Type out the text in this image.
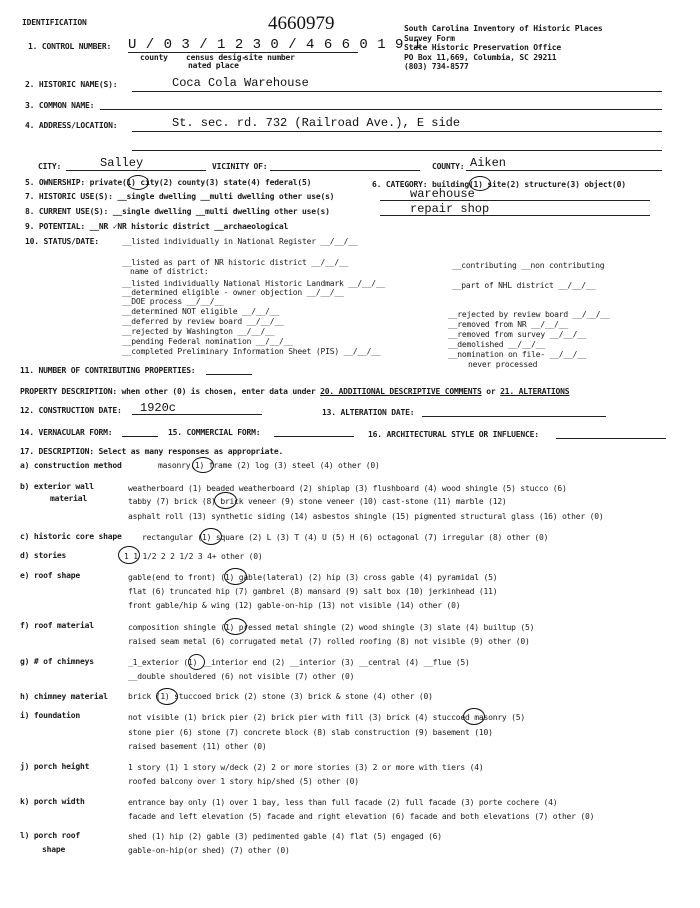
IDENTIFICATION	4660979	South Carolina Inventory of Historic Places
Survey Form
State Historic Preservation Office
PO Box 11,669, Columbia, SC 29211
(803) 734-8577
1. CONTROL NUMBER: U / 0 3 / 1 2 3 0 / 4 6 6 0 1 9 1
county census desig-
site number
nated place
2. HISTORIC NAME(S):	Coca Cola Warehouse
3. COMMON NAME:
4. ADDRESS/LOCATION:	St. sec. rd. 732 (Railroad Ave.), E side
CITY:	Salley	VICINITY OF:	COUNTY: Aiken
5. OWNERSHIP: private(1) city(2) county(3) state(4) federal(5)	6. CATEGORY: building(1) site(2) structure(3) object(0)
7. HISTORIC USE(S): __single dwelling __multi dwelling other use(s)	warehouse
8. CURRENT USE(S): __single dwelling __multi dwelling other use(s)	repair shop
9. POTENTIAL: __NR ✓NR historic district __archaeological
10. STATUS/DATE:	__listed individually in National Register __/__/__
__listed as part of NR historic district __/__/__
name of district:
__listed individually National Historic Landmark __/__/__
__determined eligible - owner objection __/__/__
__DOE process __/__/__
__determined NOT eligible __/__/__
__deferred by review board __/__/__
__rejected by Washington __/__/__
__pending Federal nomination __/__/__
__completed Preliminary Information Sheet (PIS) __/__/__
__contributing __non contributing
__part of NHL district __/__/__
__rejected by review board __/__/__
__removed from NR __/__/__
__removed from survey __/__/__
__demolished __/__/__
__nomination on file- __/__/__
never processed
11. NUMBER OF CONTRIBUTING PROPERTIES:
PROPERTY DESCRIPTION: when other (0) is chosen, enter data under 20. ADDITIONAL DESCRIPTIVE COMMENTS or 21. ALTERATIONS
12. CONSTRUCTION DATE: 1920c	13. ALTERATION DATE:
14. VERNACULAR FORM:	15. COMMERCIAL FORM:	16. ARCHITECTURAL STYLE OR INFLUENCE:
17. DESCRIPTION: Select as many responses as appropriate.
a) construction method	masonry(1) frame (2) log (3) steel (4) other (0)
b) exterior wall
material
weatherboard (1) beaded weatherboard (2) shiplap (3) flushboard (4) wood shingle (5) stucco (6)
tabby (7) brick (8) brick veneer (9) stone veneer (10) cast-stone (11) marble (12)
asphalt roll (13) synthetic siding (14) asbestos shingle (15) pigmented structural glass (16) other (0)
c) historic core shape	rectangular (1) square (2) L (3) T (4) U (5) H (6) octagonal (7) irregular (8) other (0)
d) stories	1 1 1/2 2 2 1/2 3 4+ other (0)
e) roof shape	gable(end to front) (1) gable(lateral) (2) hip (3) cross gable (4) pyramidal (5)
flat (6) truncated hip (7) gambrel (8) mansard (9) salt box (10) jerkinhead (11)
front gable/hip & wing (12) gable-on-hip (13) not visible (14) other (0)
f) roof material	composition shingle (1) pressed metal shingle (2) wood shingle (3) slate (4) builtup (5)
raised seam metal (6) corrugated metal (7) rolled roofing (8) not visible (9) other (0)
g) # of chimneys	_1_exterior (1) __interior end (2) __interior (3) __central (4) __flue (5)
__double shouldered (6) not visible (7) other (0)
h) chimney material	brick (1) stuccoed brick (2) stone (3) brick & stone (4) other (0)
i) foundation	not visible (1) brick pier (2) brick pier with fill (3) brick (4) stuccoed masonry (5)
stone pier (6) stone (7) concrete block (8) slab construction (9) basement (10)
raised basement (11) other (0)
j) porch height	1 story (1) 1 story w/deck (2) 2 or more stories (3) 2 or more with tiers (4)
roofed balcony over 1 story hip/shed (5) other (0)
k) porch width	entrance bay only (1) over 1 bay, less than full facade (2) full facade (3) porte cochere (4)
facade and left elevation (5) facade and right elevation (6) facade and both elevations (7) other (0)
l) porch roof
shape
shed (1) hip (2) gable (3) pedimented gable (4) flat (5) engaged (6)
gable-on-hip(or shed) (7) other (0)
